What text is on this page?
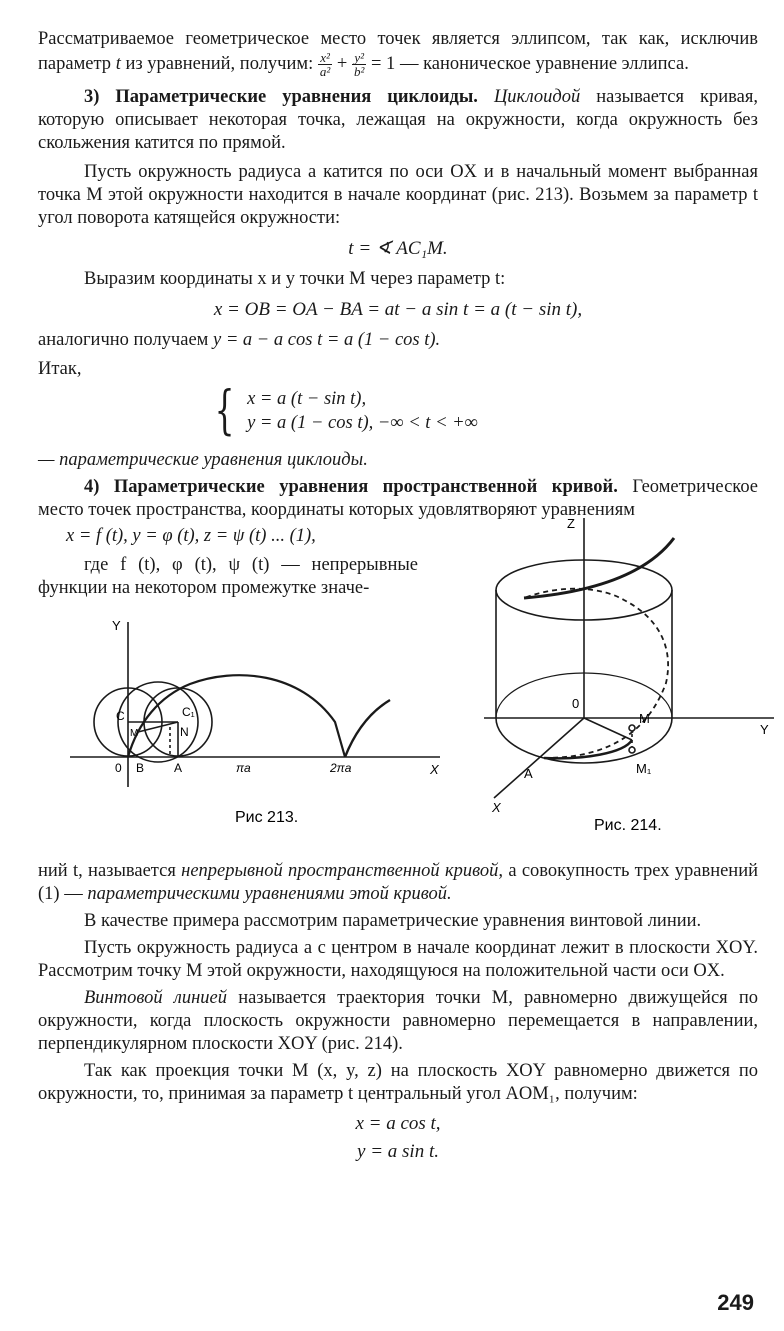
Рассматриваемое геометрическое место точек является эллипсом, так как, исключив параметр t из уравнений, получим: $\frac{\text{x²}}{\text{a²}} + \frac{\text{y²}}{\text{b²}} = 1$ — каноническое уравнение эллипса.

3) Параметрические уравнения циклоиды. Циклоидой называется кривая, которую описывает некоторая точка, лежащая на окружности, когда окружность без скольжения катится по прямой.

Пусть окружность радиуса a катится по оси OX и в начальный момент выбранная точка M этой окружности находится в начале координат (рис. 213). Возьмем за параметр t угол поворота катящейся окружности:

t = ∢ AC₁M.

Выразим координаты x и y точки M через параметр t:

x = OB = OA − BA = at − a sin t = a (t − sin t),

аналогично получаем y = a − a cos t = a (1 − cos t).

Итак,

{ x = a (t − sin t),
y = a (1 − cos t), −∞ < t < +∞

— параметрические уравнения циклоиды.

4) Параметрические уравнения пространственной кривой. Геометрическое место точек пространства, координаты которых удовлятворяют уравнениям

x = f (t), y = φ (t), z = ψ (t) ... (1),

где f (t), φ (t), ψ (t) — непрерывные функции на некотором промежутке значе-

Y
X
0 B A	πa	2πa
C	C₁
N
M
Рис 213.
Z
Y
X
0
A
M
M₁
Рис. 214.

ний t, называется непрерывной пространственной кривой, а совокупность трех уравнений (1) — параметрическими уравнениями этой кривой.

В качестве примера рассмотрим параметрические уравнения винтовой линии.

Пусть окружность радиуса a с центром в начале координат лежит в плоскости XOY. Рассмотрим точку M этой окружности, находящуюся на положительной части оси OX.

Винтовой линией называется траектория точки M, равномерно движущейся по окружности, когда плоскость окружности равномерно перемещается в направлении, перпендикулярном плоскости XOY (рис. 214).

Так как проекция точки M (x, y, z) на плоскость XOY равномерно движется по окружности, то, принимая за параметр t центральный угол AOM₁, получим:

x = a cos t,
y = a sin t.
249
